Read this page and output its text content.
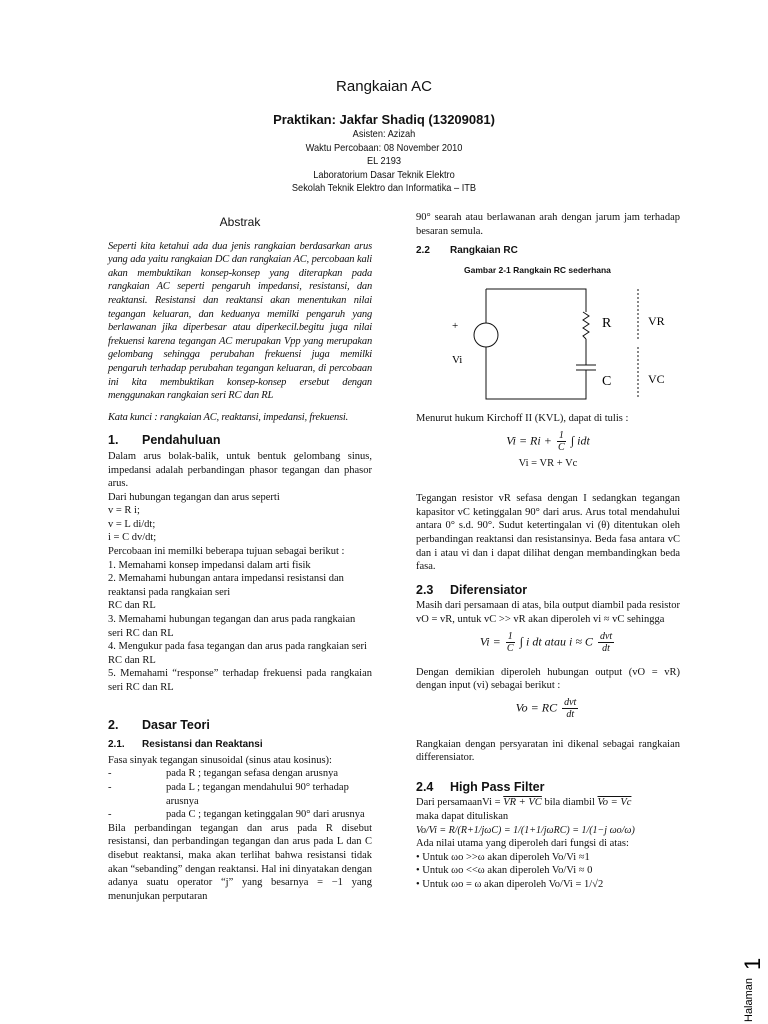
Rangkaian AC
Praktikan: Jakfar Shadiq (13209081)
Asisten: Azizah
Waktu Percobaan: 08 November 2010
EL 2193
Laboratorium Dasar Teknik Elektro
Sekolah Teknik Elektro dan Informatika – ITB
Abstrak

Seperti kita ketahui ada dua jenis rangkaian berdasarkan arus yang ada yaitu rangkaian DC dan rangkaian AC, percobaan kali akan membuktikan konsep-konsep yang diterapkan pada rangkaian AC seperti pengaruh impedansi, resistansi, dan reaktansi. Resistansi dan reaktansi akan menentukan nilai tegangan keluaran, dan keduanya memilki pengaruh yang berlawanan jika diperbesar atau diperkecil.begitu juga nilai frekuensi karena tegangan AC merupakan Vpp yang merupakan gelombang sehingga perubahan frekuensi juga memilki pengaruh terhadap perubahan tegangan keluaran, di percobaan ini kita membuktikan konsep-konsep ersebut dengan menggunakan rangkaian seri RC dan RL

Kata kunci : rangkaian AC, reaktansi, impedansi, frekuensi.

1. Pendahuluan

Dalam arus bolak-balik, untuk bentuk gelombang sinus, impedansi adalah perbandingan phasor tegangan dan phasor arus.

Dari hubungan tegangan dan arus seperti

v = R i;

v = L di/dt;

i = C dv/dt;

Percobaan ini memilki beberapa tujuan sebagai berikut :

1. Memahami konsep impedansi dalam arti fisik

2. Memahami hubungan antara impedansi resistansi dan reaktansi pada rangkaian seri

RC dan RL

3. Memahami hubungan tegangan dan arus pada rangkaian seri RC dan RL

4. Mengukur pada fasa tegangan dan arus pada rangkaian seri RC dan RL

5. Memahami “response” terhadap frekuensi pada rangkaian seri RC dan RL

2. Dasar Teori
2.1. Resistansi dan Reaktansi

Fasa sinyak tegangan sinusoidal (sinus atau kosinus):

-	pada R ; tegangan sefasa dengan arusnya
-	pada L ; tegangan mendahului 90° terhadap arusnya
-	pada C ; tegangan ketinggalan 90° dari arusnya

Bila perbandingan tegangan dan arus pada R disebut resistansi, dan perbandingan tegangan dan arus pada L dan C disebut reaktansi, maka akan terlihat bahwa resistansi tidak akan “sebanding” dengan reaktansi. Hal ini dinyatakan dengan adanya suatu operator “j” yang besarnya = −1 yang menunjukan perputaran

90° searah atau berlawanan arah dengan jarum jam terhadap besaran semula.

2.2 Rangkaian RC
Gambar 2-1 Rangkain RC sederhana
R
C
VR
VC
Vi
+

Menurut hukum Kirchoff II (KVL), dapat di tulis :

$Vi = Ri + \frac{1}{C}$ ∫ idt

Vi = VR + Vc

Tegangan resistor vR sefasa dengan I sedangkan tegangan kapasitor vC ketinggalan 90° dari arus. Arus total mendahului antara 0° s.d. 90°. Sudut ketertingalan vi (θ) ditentukan oleh perbandingan reaktansi dan resistansinya. Beda fasa antara vC dan i atau vi dan i dapat dilihat dengan membandingkan beda fasa.

2.3 Diferensiator

Masih dari persamaan di atas, bila output diambil pada resistor vO = vR, untuk vC >> vR akan diperoleh vi ≈ vC sehingga

$Vi = \frac{1}{C}$ ∫ i dt atau i ≈ C $\frac{\text{dvt}}{dt}$

Dengan demikian diperoleh hubungan output (vO = vR) dengan input (vi) sebagai berikut :

Vo = RC $\frac{\text{dvt}}{dt}$

Rangkaian dengan persyaratan ini dikenal sebagai rangkaian differensiator.

2.4 High Pass Filter

Dari persamaanVi = VR + VC bila diambil Vo = Vc

maka dapat dituliskan

Vo/Vi = R/(R+1/jωC) = 1/(1+1/jωRC) = 1/(1−j ωo/ω)

Ada nilai utama yang diperoleh dari fungsi di atas:

• Untuk ωo >>ω akan diperoleh Vo/Vi ≈1

• Untuk ωo <<ω akan diperoleh Vo/Vi ≈ 0

• Untuk ωo = ω akan diperoleh Vo/Vi = 1/√2

Halaman
1
